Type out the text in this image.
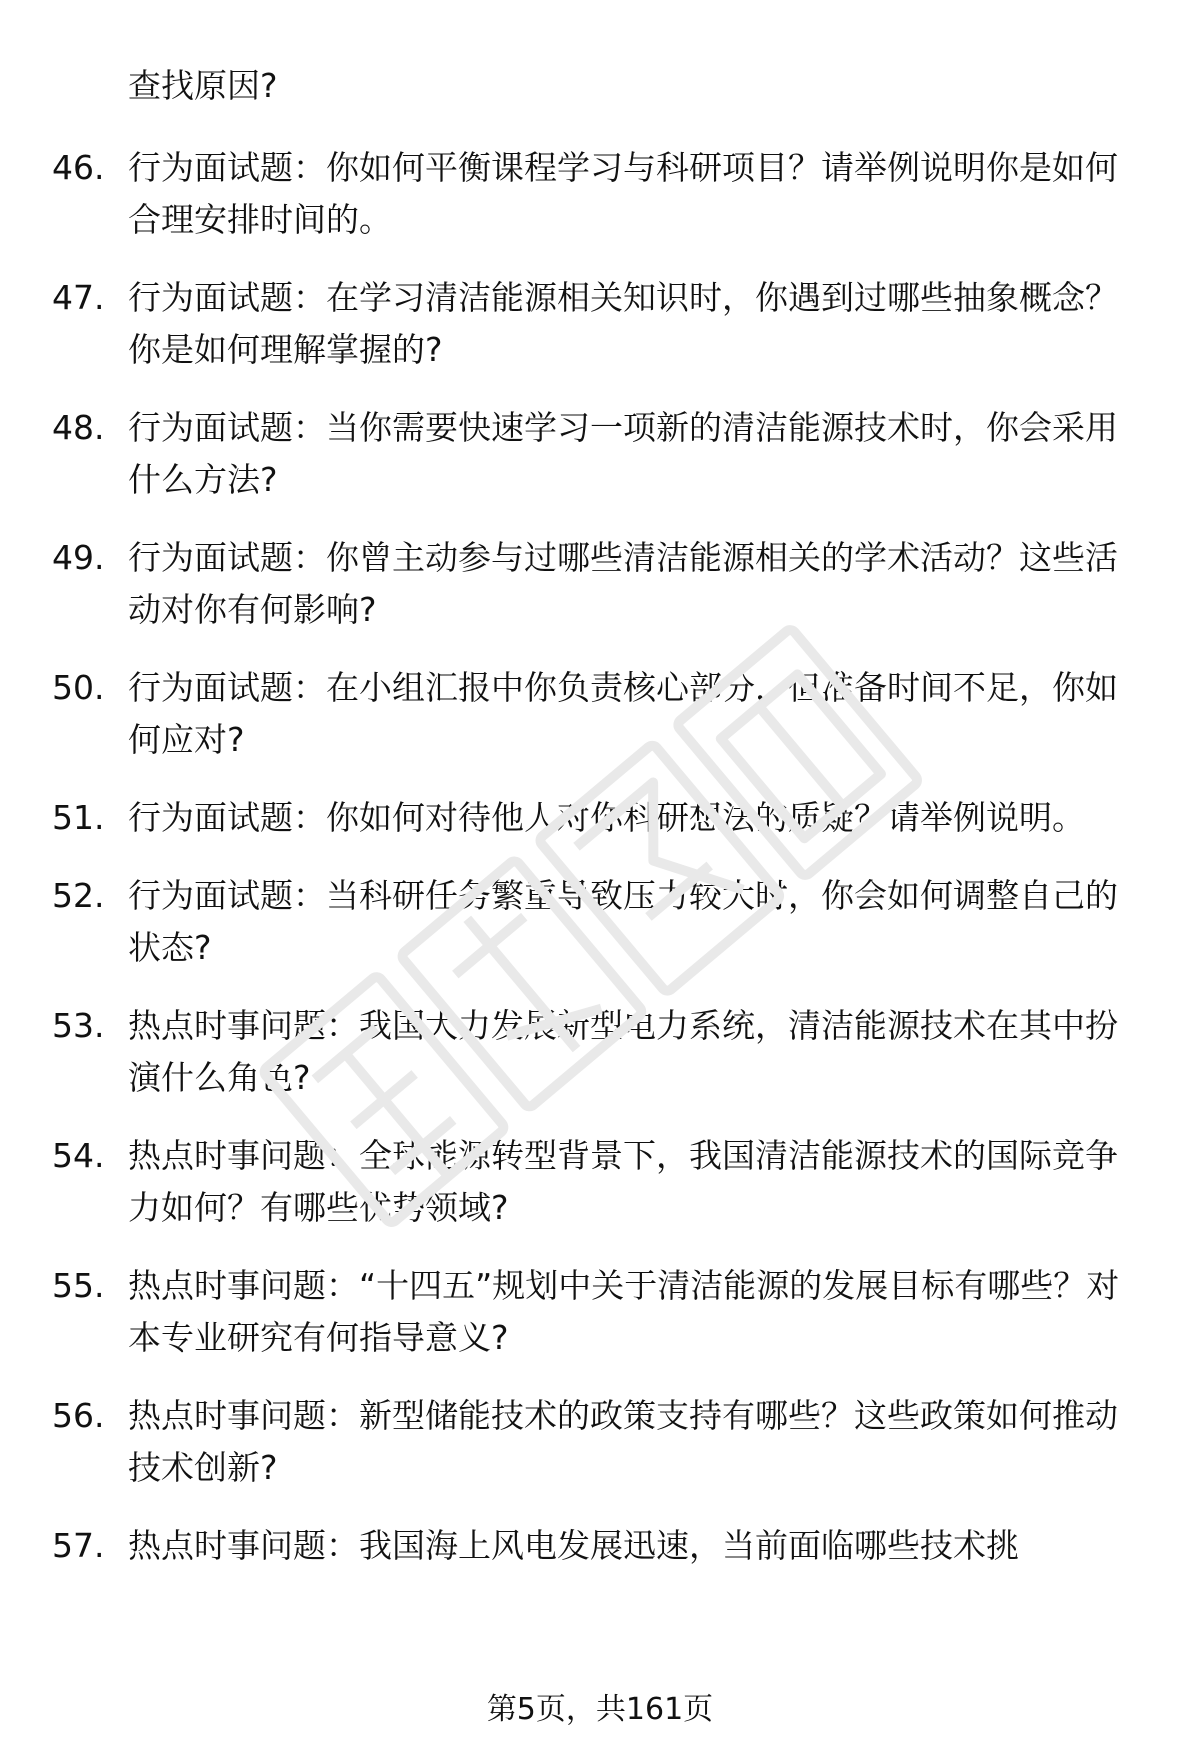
查找原因?
46. 行为面试题：你如何平衡课程学习与科研项目？请举例说明你是如何合理安排时间的。
47. 行为面试题：在学习清洁能源相关知识时，你遇到过哪些抽象概念？你是如何理解掌握的?
48. 行为面试题：当你需要快速学习一项新的清洁能源技术时，你会采用什么方法?
49. 行为面试题：你曾主动参与过哪些清洁能源相关的学术活动？这些活动对你有何影响?
50. 行为面试题：在小组汇报中你负责核心部分，但准备时间不足，你如何应对?
51. 行为面试题：你如何对待他人对你科研想法的质疑？请举例说明。
52. 行为面试题：当科研任务繁重导致压力较大时，你会如何调整自己的状态?
53. 热点时事问题：我国大力发展新型电力系统，清洁能源技术在其中扮演什么角色?
54. 热点时事问题：全球能源转型背景下，我国清洁能源技术的国际竞争力如何？有哪些优势领域?
55. 热点时事问题：“十四五”规划中关于清洁能源的发展目标有哪些？对本专业研究有何指导意义?
56. 热点时事问题：新型储能技术的政策支持有哪些？这些政策如何推动技术创新?
57. 热点时事问题：我国海上风电发展迅速，当前面临哪些技术挑
第5页，共161页
